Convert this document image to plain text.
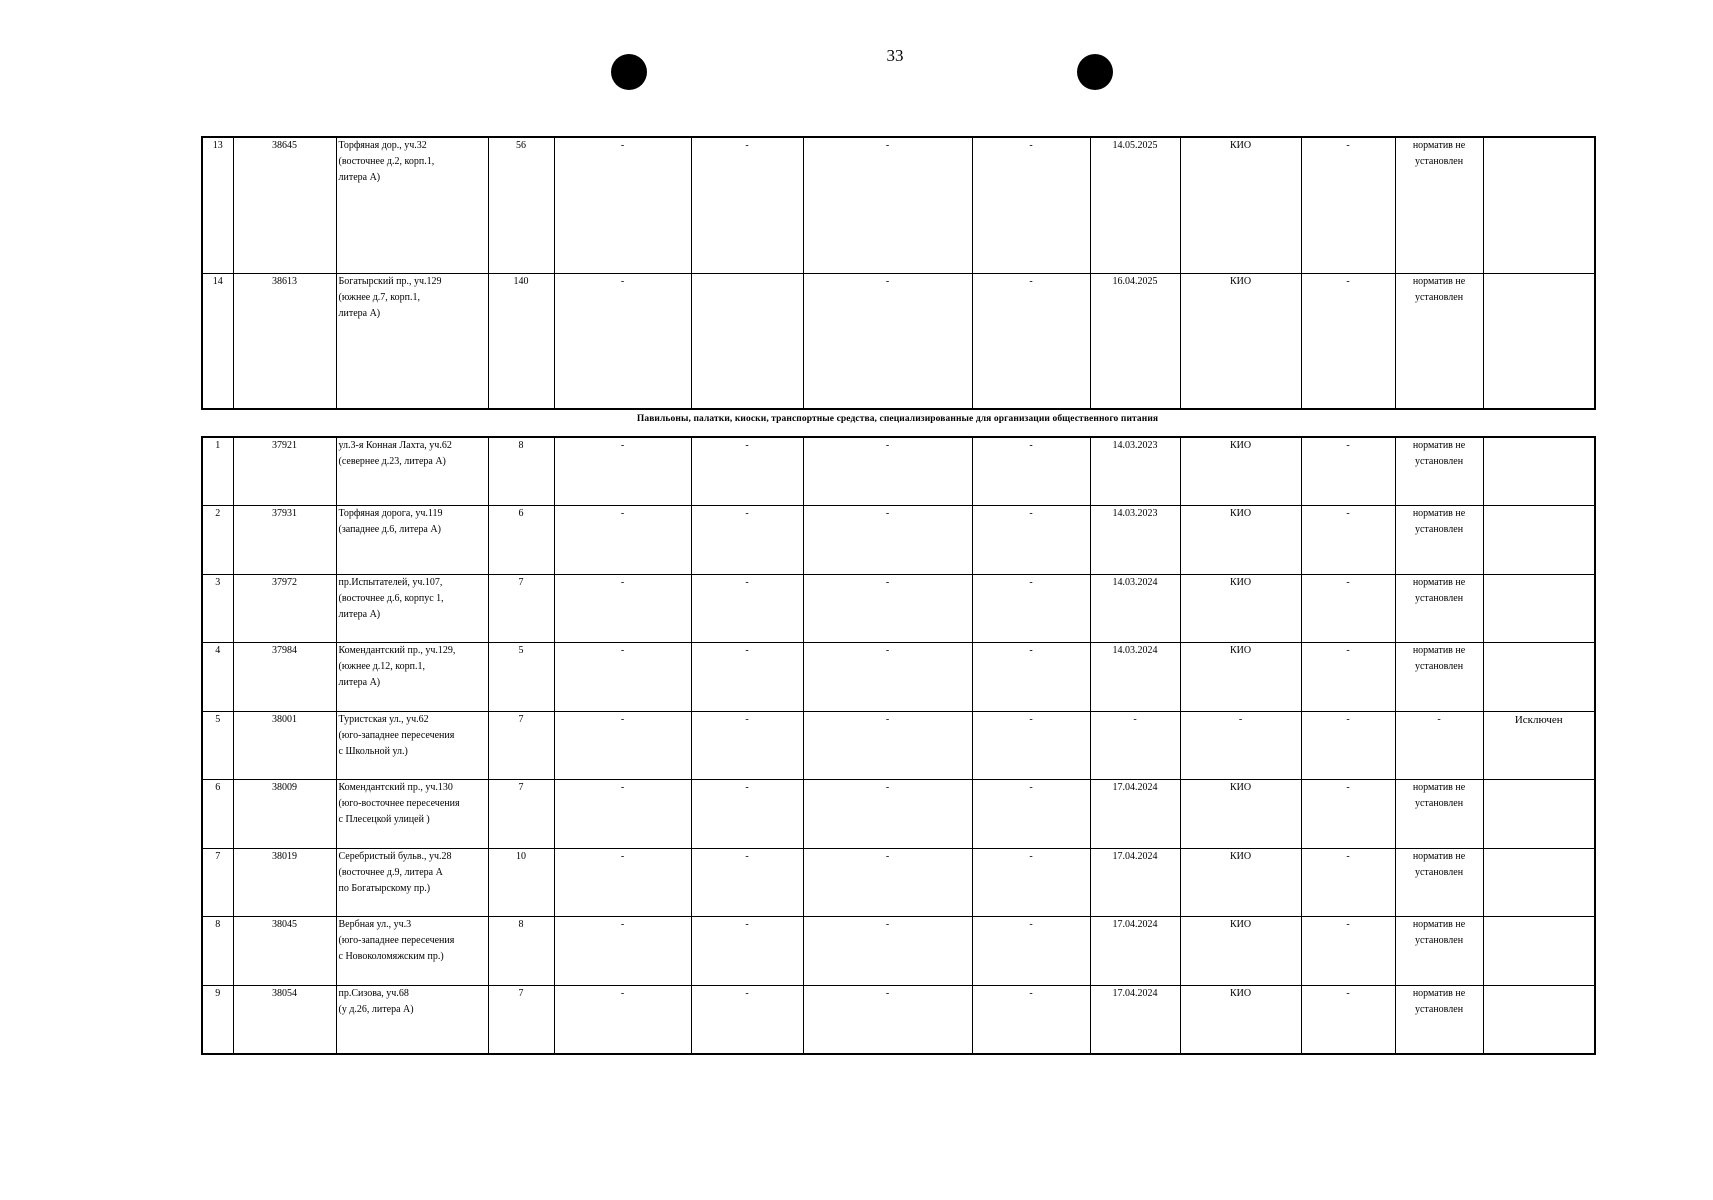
33
13	38645	Торфяная дор., уч.32
(восточнее д.2, корп.1,
литера А)	56	-	-	-	-	14.05.2025	КИО	-	норматив не установлен	
14	38613	Богатырский пр., уч.129
(южнее д.7, корп.1,
литера А)	140	-		-	-	16.04.2025	КИО	-	норматив не установлен	
Павильоны, палатки, киоски, транспортные средства, специализированные для организации общественного питания
1	37921	ул.3-я Конная Лахта, уч.62
(севернее д.23, литера А)	8	-	-	-	-	14.03.2023	КИО	-	норматив не установлен	
2	37931	Торфяная дорога, уч.119
(западнее д.6, литера А)	6	-	-	-	-	14.03.2023	КИО	-	норматив не установлен	
3	37972	пр.Испытателей, уч.107,
(восточнее д.6, корпус 1,
литера А)	7	-	-	-	-	14.03.2024	КИО	-	норматив не установлен	
4	37984	Комендантский пр., уч.129,
(южнее д.12, корп.1,
литера А)	5	-	-	-	-	14.03.2024	КИО	-	норматив не установлен	
5	38001	Туристская ул., уч.62
(юго-западнее пересечения
с Школьной ул.)	7	-	-	-	-	-	-	-	-	Исключен
6	38009	Комендантский пр., уч.130
(юго-восточнее пересечения
с Плесецкой улицей )	7	-	-	-	-	17.04.2024	КИО	-	норматив не установлен	
7	38019	Серебристый бульв., уч.28
(восточнее д.9, литера А
по Богатырскому пр.)	10	-	-	-	-	17.04.2024	КИО	-	норматив не установлен	
8	38045	Вербная ул., уч.3
(юго-западнее пересечения
с Новоколомяжским пр.)	8	-	-	-	-	17.04.2024	КИО	-	норматив не установлен	
9	38054	пр.Сизова, уч.68
(у д.26, литера А)	7	-	-	-	-	17.04.2024	КИО	-	норматив не установлен	
